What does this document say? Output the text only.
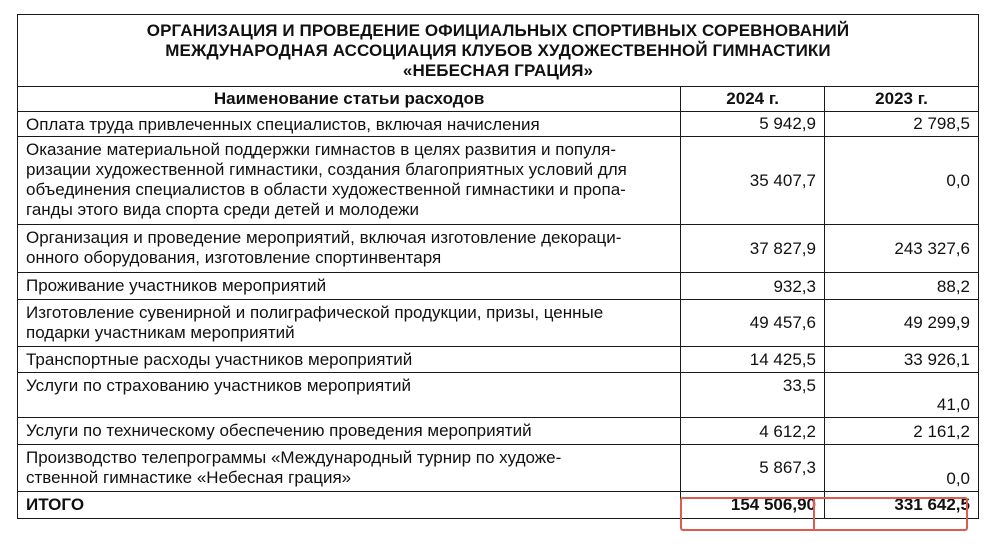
ОРГАНИЗАЦИЯ И ПРОВЕДЕНИЕ ОФИЦИАЛЬНЫХ СПОРТИВНЫХ СОРЕВНОВАНИЙ
МЕЖДУНАРОДНАЯ АССОЦИАЦИЯ КЛУБОВ ХУДОЖЕСТВЕННОЙ ГИМНАСТИКИ
«НЕБЕСНАЯ ГРАЦИЯ»		

Наименование статьи расходов	2024 г.	2023 г.
Оплата труда привлеченных специалистов, включая начисления	5 942,9	2 798,5
Оказание материальной поддержки гимнастов в целях развития и популя-
ризации художественной гимнастики, создания благоприятных условий для
объединения специалистов в области художественной гимнастики и пропа-
ганды этого вида спорта среди детей и молодежи	35 407,7	0,0
Организация и проведение мероприятий, включая изготовление декораци-
онного оборудования, изготовление спортинвентаря	37 827,9	243 327,6
Проживание участников мероприятий	932,3	88,2
Изготовление сувенирной и полиграфической продукции, призы, ценные
подарки участникам мероприятий	49 457,6	49 299,9
Транспортные расходы участников мероприятий	14 425,5	33 926,1
Услуги по страхованию участников мероприятий	33,5	41,0
Услуги по техническому обеспечению проведения мероприятий	4 612,2	2 161,2
Производство телепрограммы «Международный турнир по художе-
ственной гимнастике «Небесная грация»	5 867,3	0,0
ИТОГО	154 506,90	331 642,5
